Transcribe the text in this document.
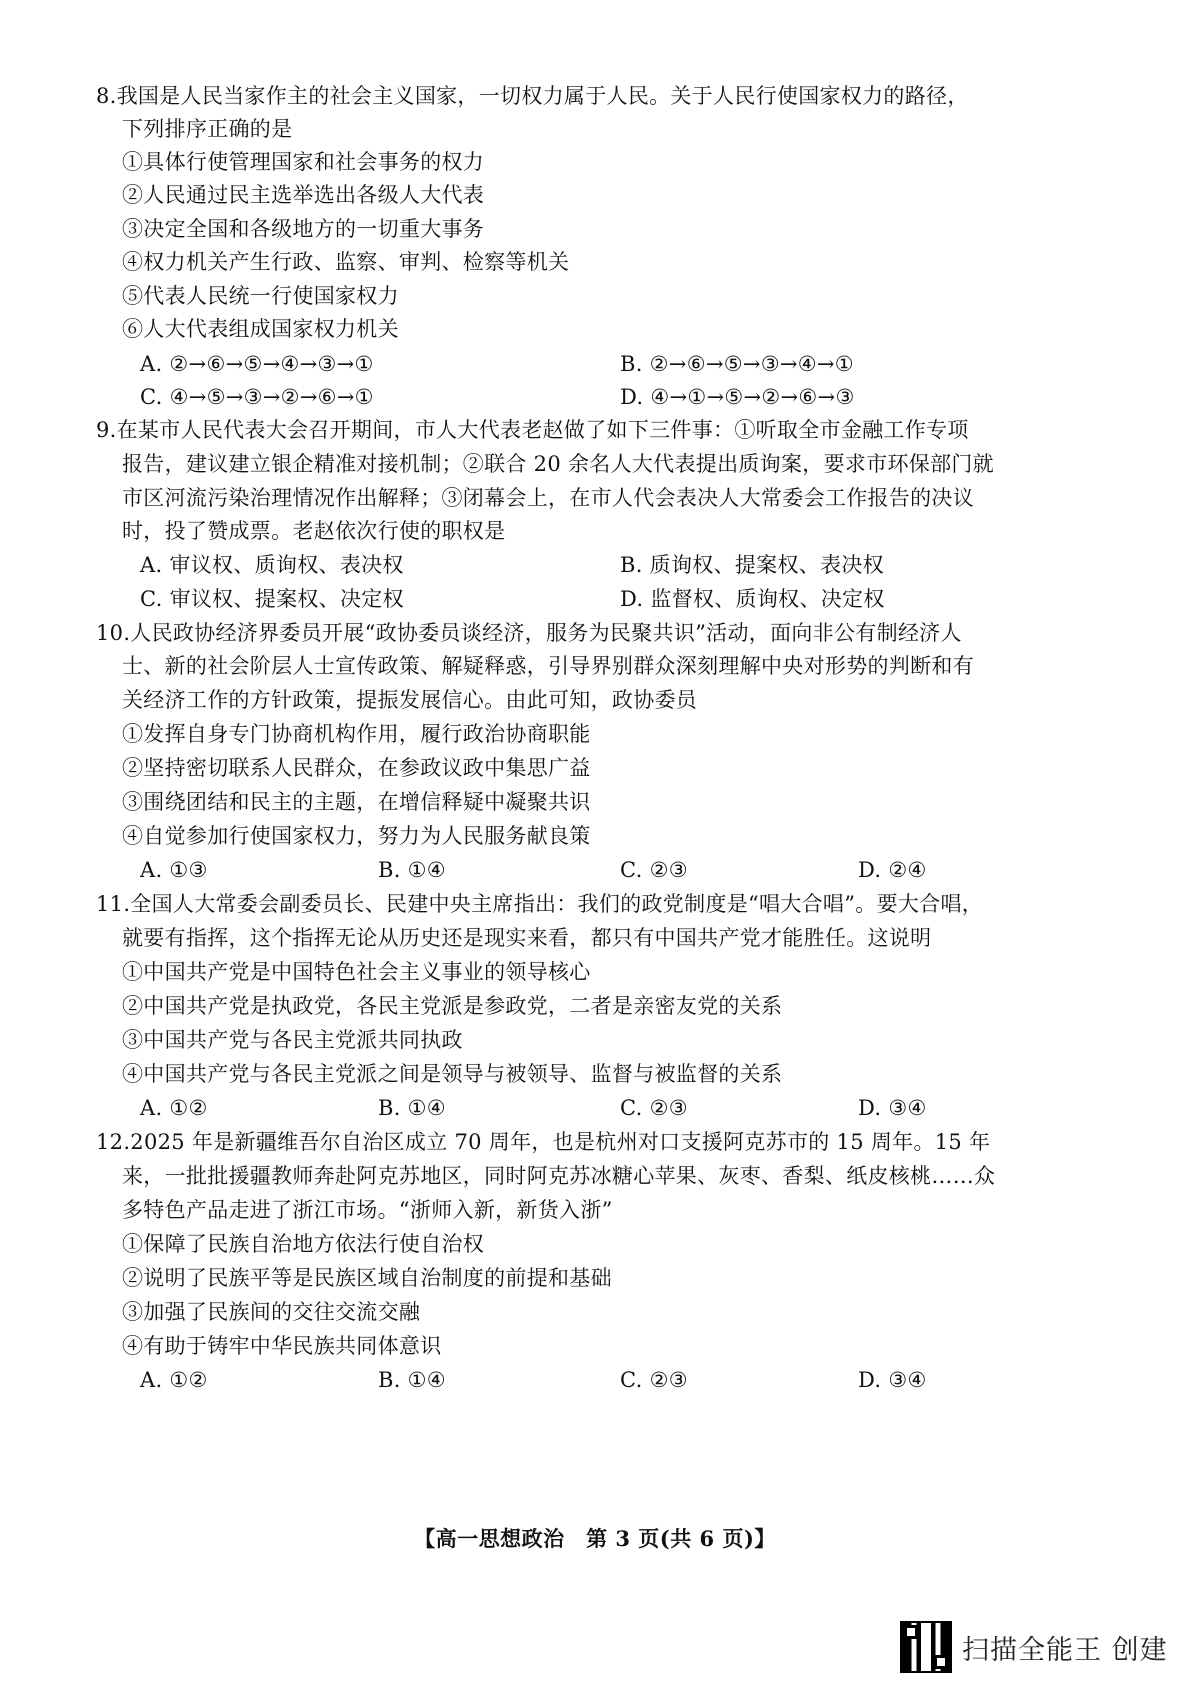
8.我国是人民当家作主的社会主义国家，一切权力属于人民。关于人民行使国家权力的路径，
下列排序正确的是
①具体行使管理国家和社会事务的权力
②人民通过民主选举选出各级人大代表
③决定全国和各级地方的一切重大事务
④权力机关产生行政、监察、审判、检察等机关
⑤代表人民统一行使国家权力
⑥人大代表组成国家权力机关
A. ②→⑥→⑤→④→③→①	B. ②→⑥→⑤→③→④→①
C. ④→⑤→③→②→⑥→①	D. ④→①→⑤→②→⑥→③
9.在某市人民代表大会召开期间，市人大代表老赵做了如下三件事：①听取全市金融工作专项
报告，建议建立银企精准对接机制；②联合 20 余名人大代表提出质询案，要求市环保部门就
市区河流污染治理情况作出解释；③闭幕会上，在市人代会表决人大常委会工作报告的决议
时，投了赞成票。老赵依次行使的职权是
A. 审议权、质询权、表决权	B. 质询权、提案权、表决权
C. 审议权、提案权、决定权	D. 监督权、质询权、决定权
10.人民政协经济界委员开展“政协委员谈经济，服务为民聚共识”活动，面向非公有制经济人
士、新的社会阶层人士宣传政策、解疑释惑，引导界别群众深刻理解中央对形势的判断和有
关经济工作的方针政策，提振发展信心。由此可知，政协委员
①发挥自身专门协商机构作用，履行政治协商职能
②坚持密切联系人民群众，在参政议政中集思广益
③围绕团结和民主的主题，在增信释疑中凝聚共识
④自觉参加行使国家权力，努力为人民服务献良策
A. ①③	B. ①④	C. ②③	D. ②④
11.全国人大常委会副委员长、民建中央主席指出：我们的政党制度是“唱大合唱”。要大合唱，
就要有指挥，这个指挥无论从历史还是现实来看，都只有中国共产党才能胜任。这说明
①中国共产党是中国特色社会主义事业的领导核心
②中国共产党是执政党，各民主党派是参政党，二者是亲密友党的关系
③中国共产党与各民主党派共同执政
④中国共产党与各民主党派之间是领导与被领导、监督与被监督的关系
A. ①②	B. ①④	C. ②③	D. ③④
12.2025 年是新疆维吾尔自治区成立 70 周年，也是杭州对口支援阿克苏市的 15 周年。15 年
来，一批批援疆教师奔赴阿克苏地区，同时阿克苏冰糖心苹果、灰枣、香梨、纸皮核桃……众
多特色产品走进了浙江市场。“浙师入新，新货入浙”
①保障了民族自治地方依法行使自治权
②说明了民族平等是民族区域自治制度的前提和基础
③加强了民族间的交往交流交融
④有助于铸牢中华民族共同体意识
A. ①②	B. ①④	C. ②③	D. ③④
【高一思想政治　第 3 页(共 6 页)】
扫描全能王 创建
